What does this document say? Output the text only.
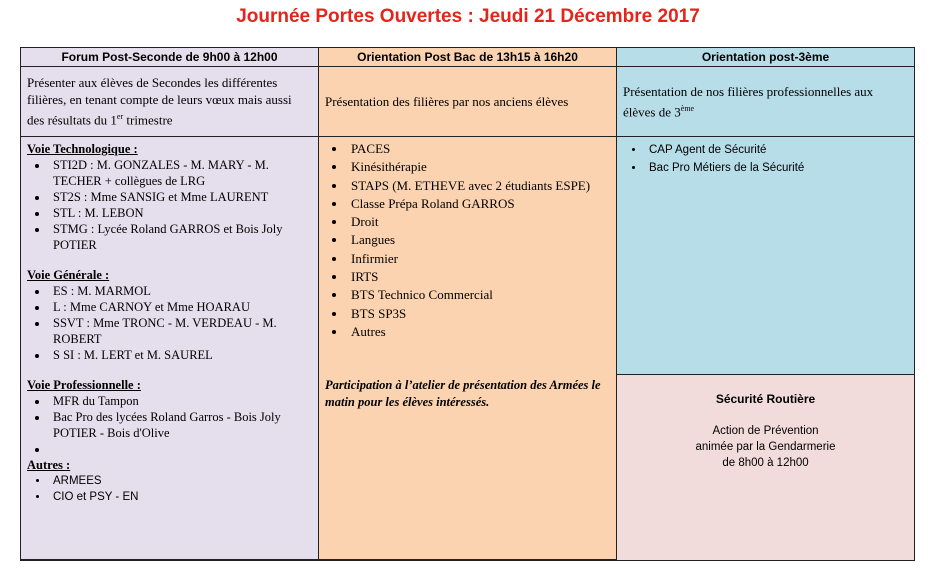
Journée Portes Ouvertes : Jeudi 21 Décembre 2017
Forum Post-Seconde de 9h00 à 12h00	Orientation Post Bac de 13h15 à 16h20	Orientation post-3ème
Présenter aux élèves de Secondes les différentes filières, en tenant compte de leurs vœux mais aussi des résultats du 1er trimestre
Présentation des filières par nos anciens élèves
Présentation de nos filières professionnelles aux élèves de 3ème
Voie Technologique :
• STI2D : M. GONZALES - M. MARY - M. TECHER + collègues de LRG
• ST2S : Mme SANSIG et Mme LAURENT
• STL : M. LEBON
• STMG : Lycée Roland GARROS et Bois Joly POTIER
Voie Générale :
• ES : M. MARMOL
• L : Mme CARNOY et Mme HOARAU
• SSVT : Mme TRONC - M. VERDEAU - M. ROBERT
• S SI : M. LERT et M. SAUREL
Voie Professionnelle :
• MFR du Tampon
• Bac Pro des lycées Roland Garros - Bois Joly POTIER - Bois d'Olive
•
Autres :
• ARMEES
• CIO et PSY - EN
• PACES
• Kinésithérapie
• STAPS (M. ETHEVE avec 2 étudiants ESPE)
• Classe Prépa Roland GARROS
• Droit
• Langues
• Infirmier
• IRTS
• BTS Technico Commercial
• BTS SP3S
• Autres
Participation à l’atelier de présentation des Armées le matin pour les élèves intéressés.
• CAP Agent de Sécurité
• Bac Pro Métiers de la Sécurité
Sécurité Routière
Action de Prévention
animée par la Gendarmerie
de 8h00 à 12h00
